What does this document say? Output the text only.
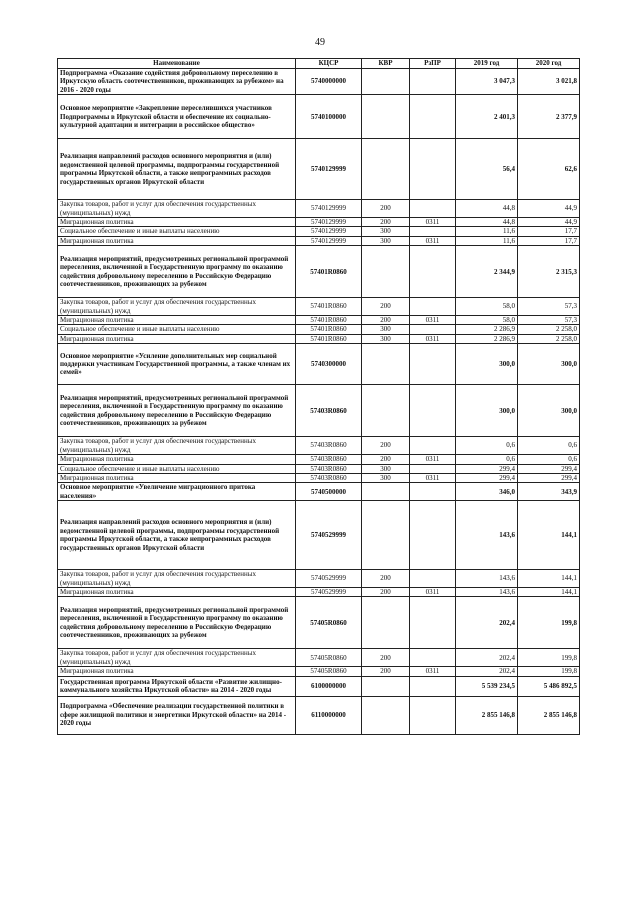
49
Наименование	КЦСР	КВР	РзПР	2019 год	2020 год
Подпрограмма «Оказание содействия добровольному переселению в Иркутскую область соотечественников, проживающих за рубежом» на 2016 - 2020 годы	5740000000			3 047,3	3 021,8
Основное мероприятие «Закрепление переселившихся участников Подпрограммы в Иркутской области и обеспечение их социально-культурной адаптации и интеграции в российское общество»	5740100000			2 401,3	2 377,9
Реализация направлений расходов основного мероприятия и (или) ведомственной целевой программы, подпрограммы государственной программы Иркутской области, а также непрограммных расходов государственных органов Иркутской области	5740129999			56,4	62,6
Закупка товаров, работ и услуг для обеспечения государственных (муниципальных) нужд	5740129999	200		44,8	44,9
Миграционная политика	5740129999	200	0311	44,8	44,9
Социальное обеспечение и иные выплаты населению	5740129999	300		11,6	17,7
Миграционная политика	5740129999	300	0311	11,6	17,7
Реализация мероприятий, предусмотренных региональной программой переселения, включенной в Государственную программу по оказанию содействия добровольному переселению в Российскую Федерацию соотечественников, проживающих за рубежом	57401R0860			2 344,9	2 315,3
Закупка товаров, работ и услуг для обеспечения государственных (муниципальных) нужд	57401R0860	200		58,0	57,3
Миграционная политика	57401R0860	200	0311	58,0	57,3
Социальное обеспечение и иные выплаты населению	57401R0860	300		2 286,9	2 258,0
Миграционная политика	57401R0860	300	0311	2 286,9	2 258,0
Основное мероприятие «Усиление дополнительных мер социальной поддержки участникам Государственной программы, а также членам их семей»	5740300000			300,0	300,0
Реализация мероприятий, предусмотренных региональной программой переселения, включенной в Государственную программу по оказанию содействия добровольному переселению в Российскую Федерацию соотечественников, проживающих за рубежом	57403R0860			300,0	300,0
Закупка товаров, работ и услуг для обеспечения государственных (муниципальных) нужд	57403R0860	200		0,6	0,6
Миграционная политика	57403R0860	200	0311	0,6	0,6
Социальное обеспечение и иные выплаты населению	57403R0860	300		299,4	299,4
Миграционная политика	57403R0860	300	0311	299,4	299,4
Основное мероприятие «Увеличение миграционного притока населения»	5740500000			346,0	343,9
Реализация направлений расходов основного мероприятия и (или) ведомственной целевой программы, подпрограммы государственной программы Иркутской области, а также непрограммных расходов государственных органов Иркутской области	5740529999			143,6	144,1
Закупка товаров, работ и услуг для обеспечения государственных (муниципальных) нужд	5740529999	200		143,6	144,1
Миграционная политика	5740529999	200	0311	143,6	144,1
Реализация мероприятий, предусмотренных региональной программой переселения, включенной в Государственную программу по оказанию содействия добровольному переселению в Российскую Федерацию соотечественников, проживающих за рубежом	57405R0860			202,4	199,8
Закупка товаров, работ и услуг для обеспечения государственных (муниципальных) нужд	57405R0860	200		202,4	199,8
Миграционная политика	57405R0860	200	0311	202,4	199,8
Государственная программа Иркутской области «Развитие жилищно-коммунального хозяйства Иркутской области» на 2014 - 2020 годы	6100000000			5 539 234,5	5 486 892,5
Подпрограмма «Обеспечение реализации государственной политики в сфере жилищной политики и энергетики Иркутской области» на 2014 - 2020 годы	6110000000			2 855 146,8	2 855 146,8
